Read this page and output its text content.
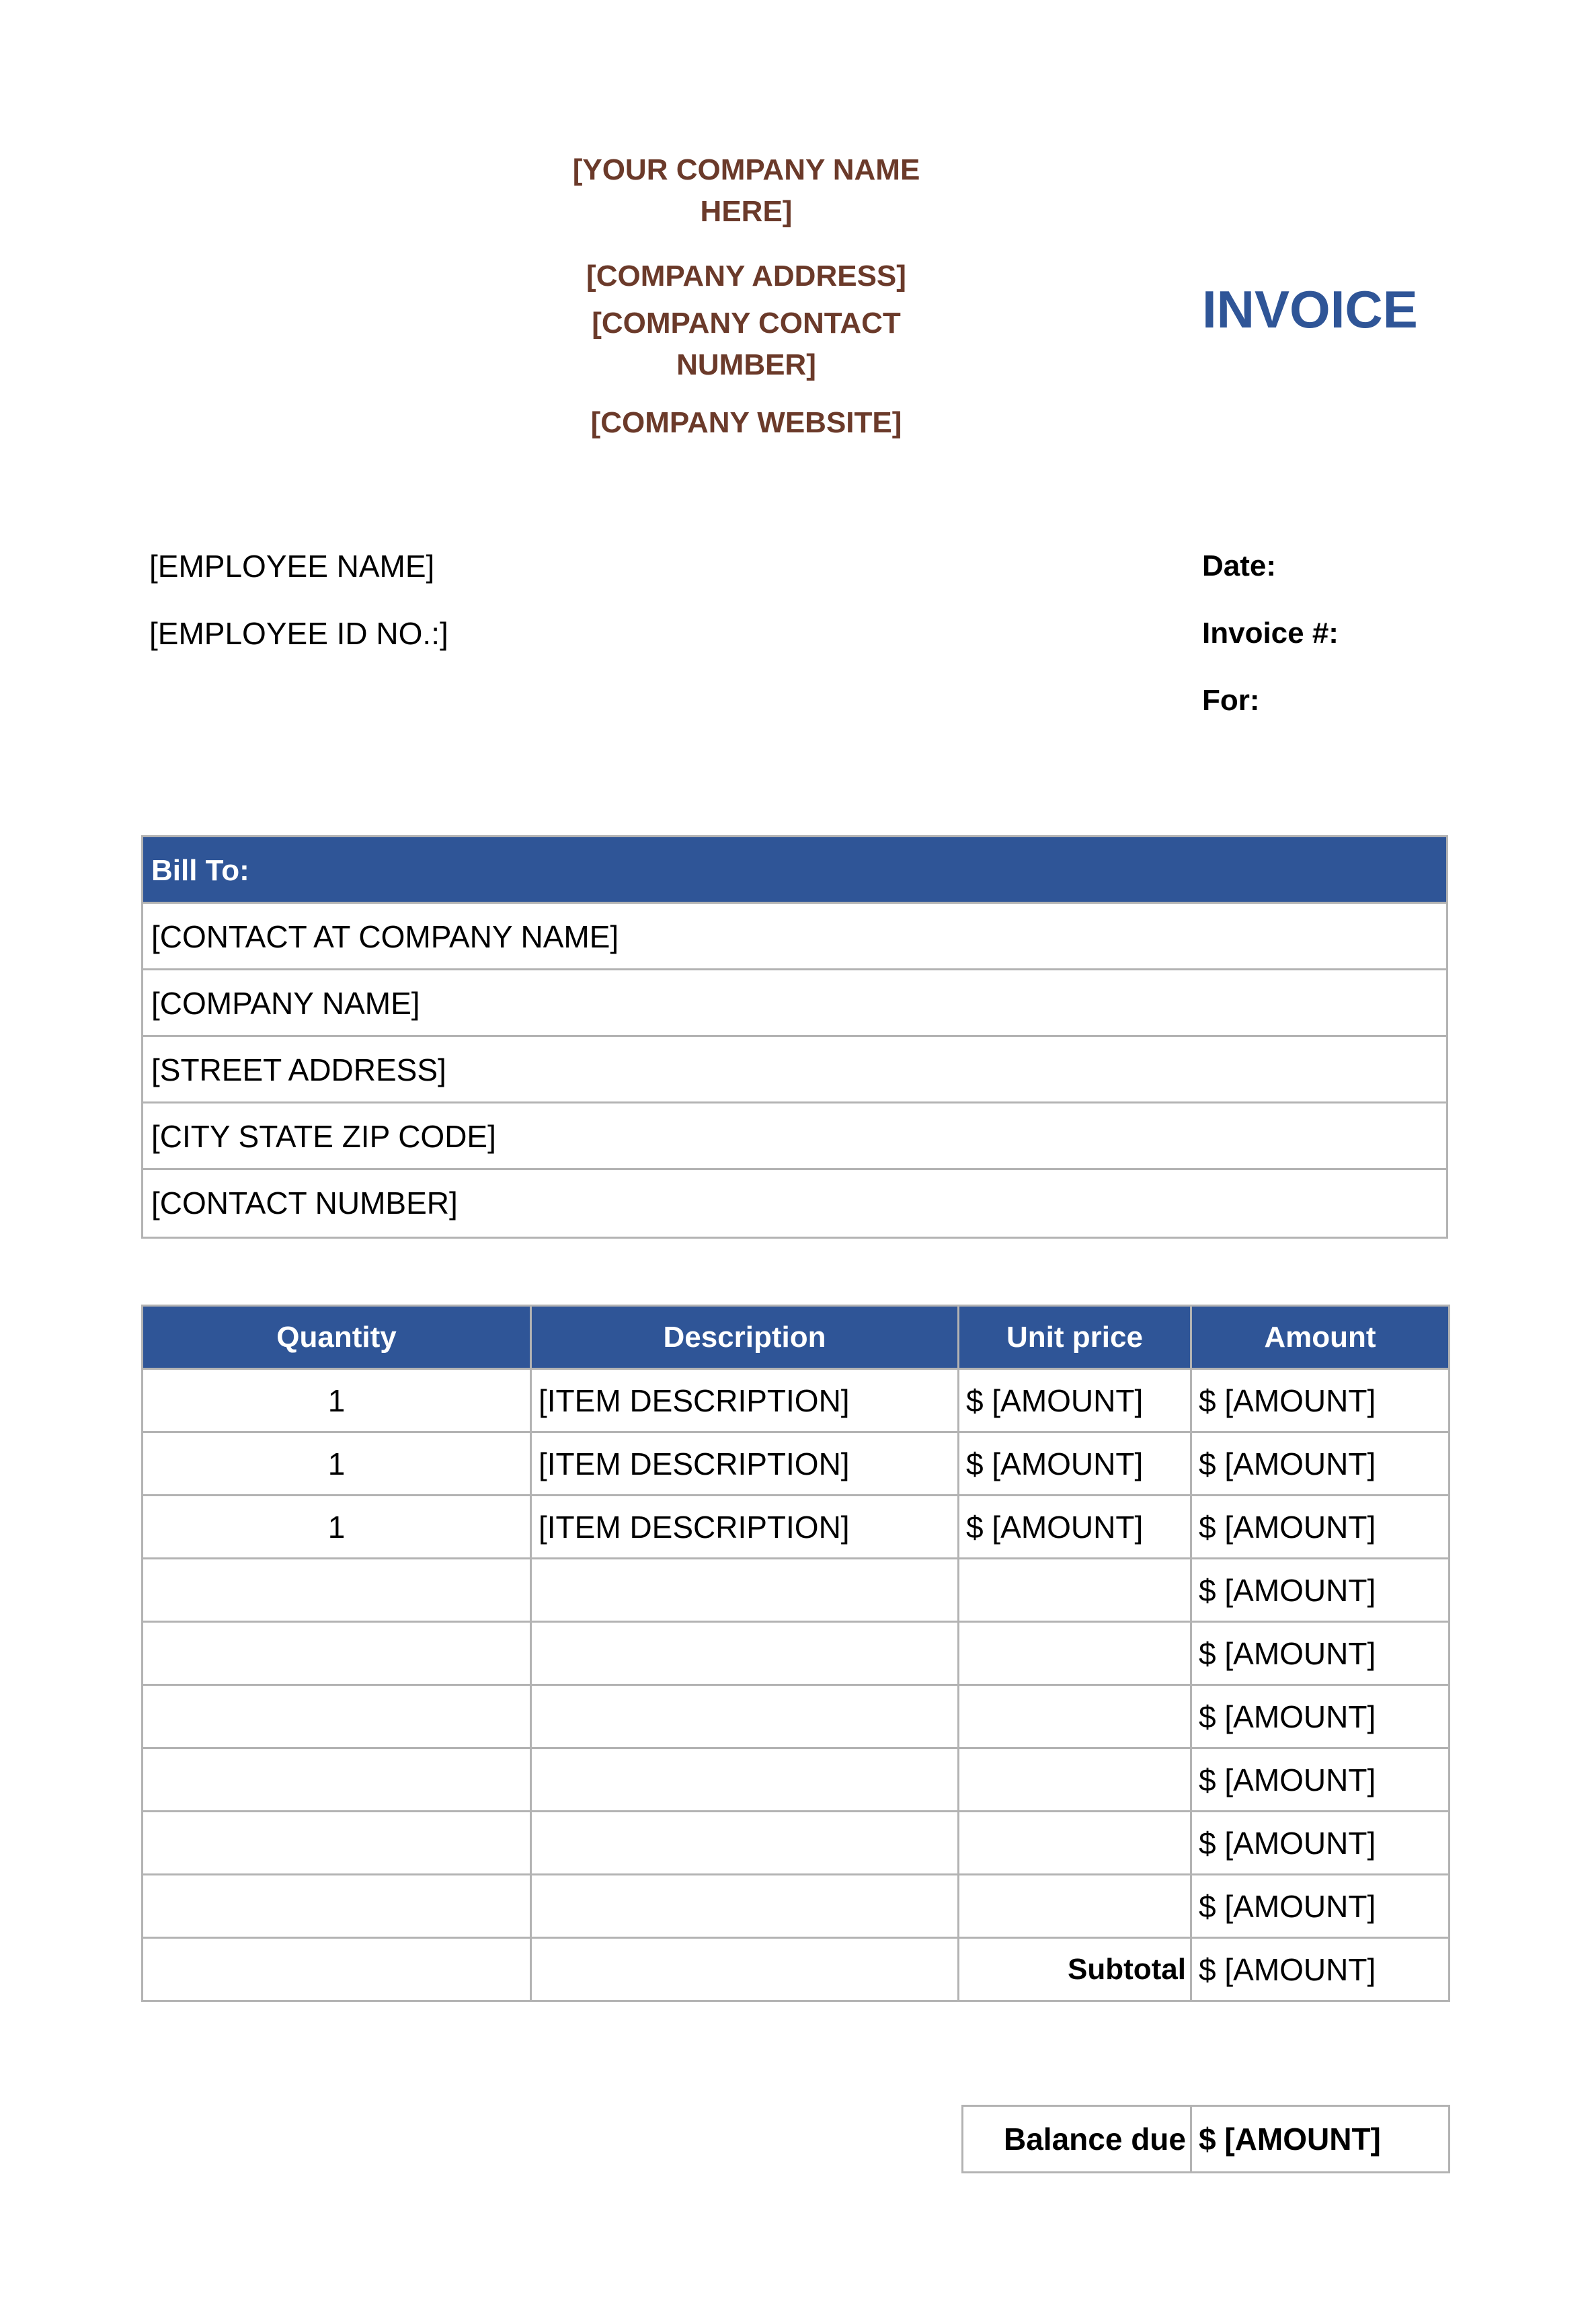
[YOUR COMPANY NAME
HERE]
[COMPANY ADDRESS]
[COMPANY CONTACT
NUMBER]
[COMPANY WEBSITE]
INVOICE
[EMPLOYEE NAME]
[EMPLOYEE ID NO.:]
Date:
Invoice #:
For:
Bill To:
[CONTACT AT COMPANY NAME]
[COMPANY NAME]
[STREET ADDRESS]
[CITY STATE ZIP CODE]
[CONTACT NUMBER]
Quantity	Description	Unit price	Amount
1	[ITEM DESCRIPTION]	$ [AMOUNT]	$ [AMOUNT]
1	[ITEM DESCRIPTION]	$ [AMOUNT]	$ [AMOUNT]
1	[ITEM DESCRIPTION]	$ [AMOUNT]	$ [AMOUNT]
			$ [AMOUNT]
			$ [AMOUNT]
			$ [AMOUNT]
			$ [AMOUNT]
			$ [AMOUNT]
			$ [AMOUNT]
		Subtotal	$ [AMOUNT]
Balance due	$ [AMOUNT]
